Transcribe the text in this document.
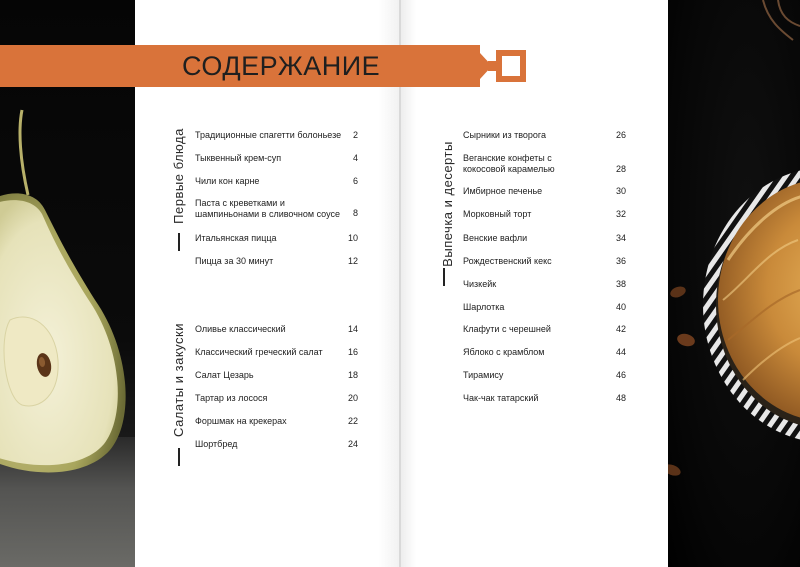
СОДЕРЖАНИЕ
Первые блюда Традиционные спагетти болоньезе	2
Тыквенный крем-суп	4
Чили кон карне	6
Паста с креветками и шампиньонами в сливочном соусе	8
Итальянская пицца	10
Пицца за 30 минут	12
Салаты и закуски Оливье классический	14
Классический греческий салат	16
Салат Цезарь	18
Тартар из лосося	20
Форшмак на крекерах	22
Шортбред	24
Выпечка и десерты
Сырники из творога	26
Веганские конфеты с кокосовой карамелью	28
Имбирное печенье	30
Морковный торт	32
Венские вафли	34
Рождественский кекс	36
Чизкейк	38
Шарлотка	40
Клафути с черешней	42
Яблоко с крамблом	44
Тирамису	46
Чак-чак татарский	48
